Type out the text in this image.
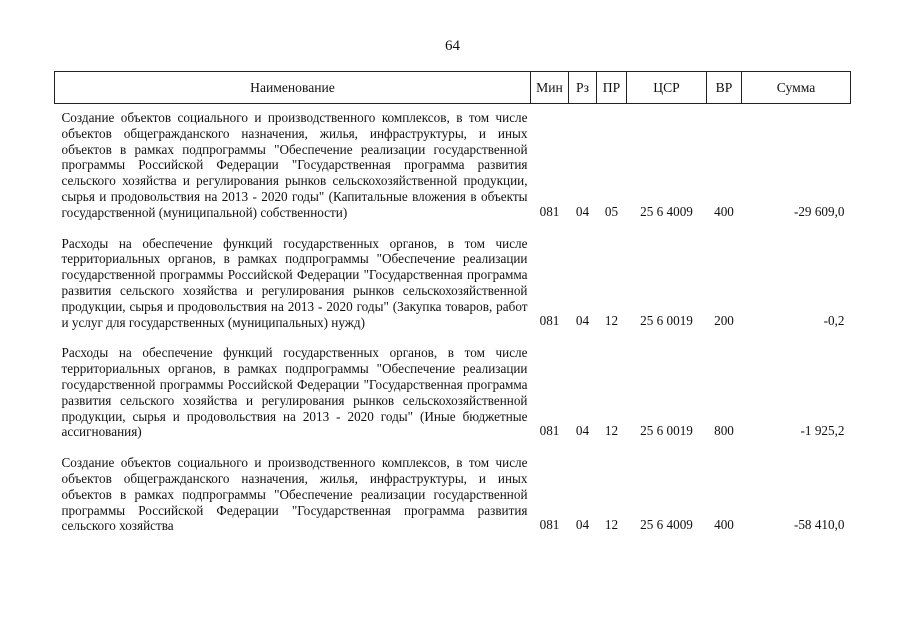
64
Наименование	Мин	Рз	ПР	ЦСР	ВР	Сумма
Создание объектов социального и производственного комплексов, в том числе объектов общегражданского назначения, жилья, инфраструктуры, и иных объектов в рамках подпрограммы "Обеспечение реализации государственной программы Российской Федерации "Государственная программа развития сельского хозяйства и регулирования рынков сельскохозяйственной продукции, сырья и продовольствия на 2013 - 2020 годы" (Капитальные вложения в объекты государственной (муниципальной) собственности)	081	04	05	25 6 4009	400	-29 609,0

Расходы на обеспечение функций государственных органов, в том числе территориальных органов, в рамках подпрограммы "Обеспечение реализации государственной программы Российской Федерации "Государственная программа развития сельского хозяйства и регулирования рынков сельскохозяйственной продукции, сырья и продовольствия на 2013 - 2020 годы" (Закупка товаров, работ и услуг для государственных (муниципальных) нужд)	081	04	12	25 6 0019	200	-0,2

Расходы на обеспечение функций государственных органов, в том числе территориальных органов, в рамках подпрограммы "Обеспечение реализации государственной программы Российской Федерации "Государственная программа развития сельского хозяйства и регулирования рынков сельскохозяйственной продукции, сырья и продовольствия на 2013 - 2020 годы" (Иные бюджетные ассигнования)	081	04	12	25 6 0019	800	-1 925,2

Создание объектов социального и производственного комплексов, в том числе объектов общегражданского назначения, жилья, инфраструктуры, и иных объектов в рамках подпрограммы "Обеспечение реализации государственной программы Российской Федерации "Государственная программа развития сельского хозяйства	081	04	12	25 6 4009	400	-58 410,0
